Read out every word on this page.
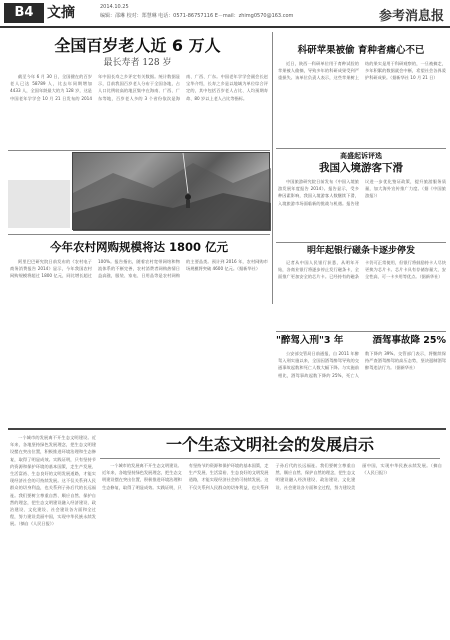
B4 文摘	2014.10.25
编辑：邵琳 校对：郑慧琳 电话：0571-86757116 E－mail：zhimg0570@163.com	参考消息报
全国百岁老人近 6 万人
最长寿者 128 岁

截至今年 6 月 30 日，全国健在的百岁老人已达 58789 人，比去年同期增加 4433 人，全国年龄最大的为 128 岁，这是中国老年学学会 10 月 21 日发布的 2014 年中国长寿之乡评定有关数据。统计数据显示，目前我国百岁老人分布于全国各地，占人口比例较高的地区集中在海南、广西、广东等地，百岁老人多的 3 个省份依次是海南、广西、广东。中国老年学学会副会长赵宝华介绍，长寿之乡是以地域为单位综合评定的，其中包括百岁老人占比、人均预期寿命、80 岁以上老人占比等指标。

科研苹果被偷 育种者痛心不已

近日，陕西一科研单位用于育种试验的苹果被人偷摘，导致多年的科研成果受到严重损失。该单位负责人表示，这些苹果树上结的果实是用于科研观察的，一旦被摘走，多年积累的数据就会中断，希望社会各界爱护科研成果。（据新华社 10 月 21 日）

今年农村网购规模将达 1800 亿元

阿里巴巴研究院日前发布的《农村电子商务消费报告 2014》显示，今年我国农村网购规模将超过 1800 亿元，同比增长超过 100%。报告指出，随着农村宽带网络和物流体系的不断完善，农村消费者网购热情日益高涨，服装、家电、日用品等是农村网购的主要品类。预计到 2016 年，农村网购市场规模将突破 4600 亿元。（据新华社）

高盛起诉评选
我国入境游客下滑

中国旅游研究院日前发布《中国入境旅游发展年度报告 2014》。报告显示，受多种因素影响，我国入境游客人数继续下滑，入境旅游市场面临新的挑战与机遇。报告建议进一步优化签证政策，提升旅游服务质量，加大海外宣传推广力度。（据《中国旅游报》）

明年起银行磁条卡逐步停发

记者从中国人民银行获悉，从明年开始，各商业银行将逐步停止发行磁条卡，全面推广更加安全的芯片卡。已经持有的磁条卡仍可正常使用，但银行将鼓励持卡人尽快更换为芯片卡。芯片卡具有存储容量大、安全性高、可一卡多用等优点。（据新华社）

"醉驾入刑"3 年	酒驾事故降 25%

公安部交管局日前通报，自 2011 年醉驾入刑实施以来，全国因酒驾醉驾导致的交通事故起数和死亡人数大幅下降。与实施前相比，酒驾事故起数下降约 25%，死亡人数下降约 39%。交管部门表示，将继续保持严查酒驾醉驾的高压态势，坚决遏制酒驾醉驾违法行为。（据新华社）

一个生态文明社会的发展启示

一个城市的发展离不开生态文明建设。近年来，各地坚持绿色发展理念，把生态文明建设摆在突出位置，积极推进环境治理和生态修复，取得了明显成效。实践证明，只有坚持节约资源和保护环境的基本国策，走生产发展、生活富裕、生态良好的文明发展道路，才能实现经济社会的可持续发展。这不仅关系到人民群众的切身利益，也关系到子孙后代的长远福祉。我们要树立尊重自然、顺应自然、保护自然的理念，把生态文明建设融入经济建设、政治建设、文化建设、社会建设各方面和全过程，努力建设美丽中国，实现中华民族永续发展。（摘自《人民日报》）

一个城市的发展离不开生态文明建设。近年来，各地坚持绿色发展理念，把生态文明建设摆在突出位置，积极推进环境治理和生态修复，取得了明显成效。实践证明，只有坚持节约资源和保护环境的基本国策，走生产发展、生活富裕、生态良好的文明发展道路，才能实现经济社会的可持续发展。这不仅关系到人民群众的切身利益，也关系到子孙后代的长远福祉。我们要树立尊重自然、顺应自然、保护自然的理念，把生态文明建设融入经济建设、政治建设、文化建设、社会建设各方面和全过程，努力建设美丽中国，实现中华民族永续发展。（摘自《人民日报》）
